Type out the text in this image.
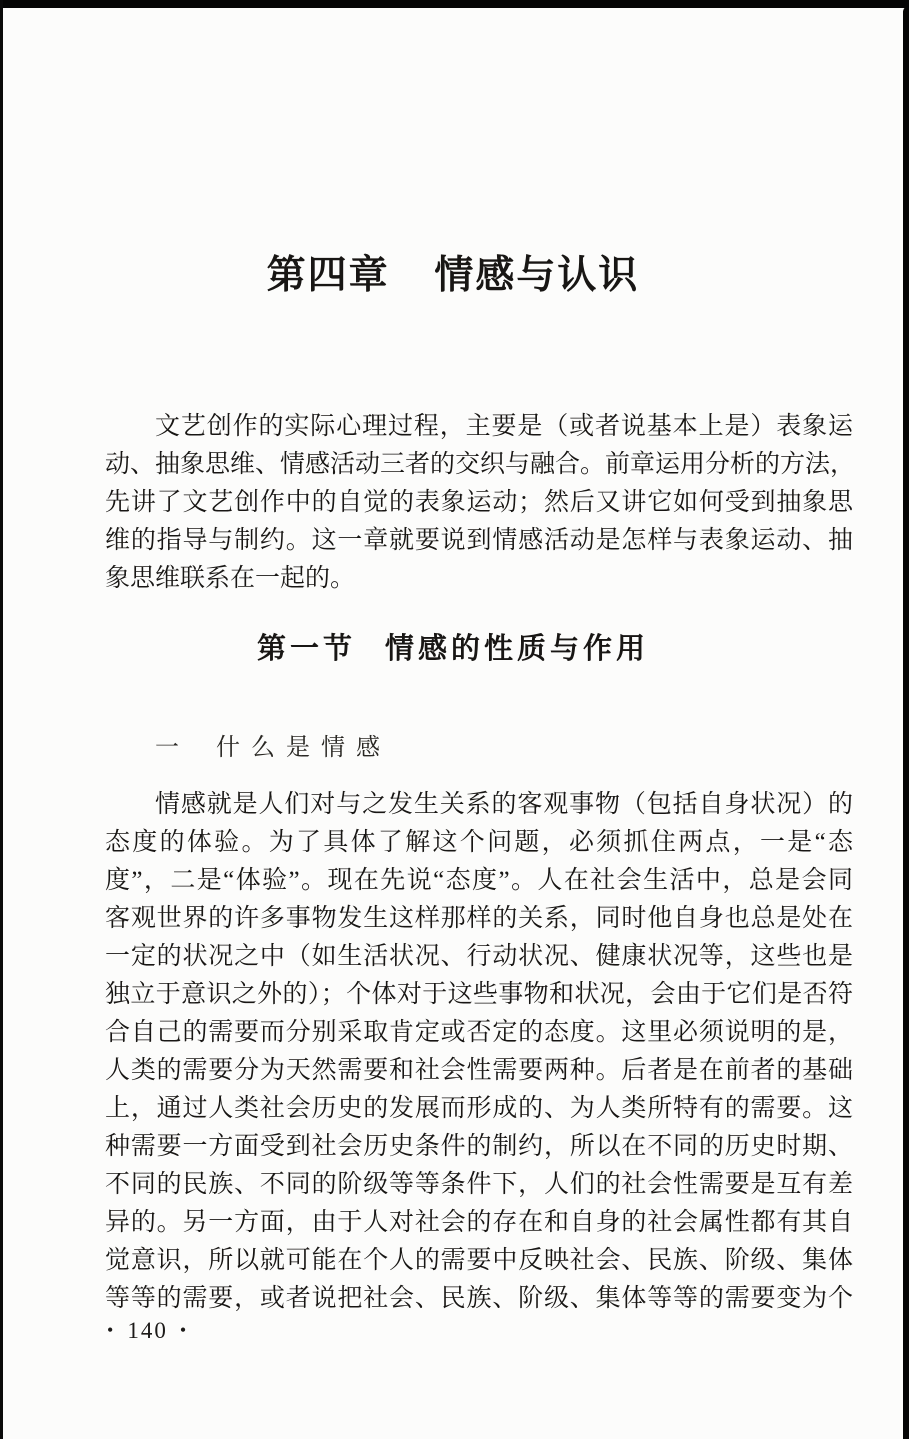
第四章 情感与认识
文艺创作的实际心理过程，主要是（或者说基本上是）表象运
动、抽象思维、情感活动三者的交织与融合。前章运用分析的方法，
先讲了文艺创作中的自觉的表象运动；然后又讲它如何受到抽象思
维的指导与制约。这一章就要说到情感活动是怎样与表象运动、抽
象思维联系在一起的。
第一节 情感的性质与作用
一 什么是情感
情感就是人们对与之发生关系的客观事物（包括自身状况）的
态度的体验。为了具体了解这个问题，必须抓住两点，一是“态
度”，二是“体验”。现在先说“态度”。人在社会生活中，总是会同
客观世界的许多事物发生这样那样的关系，同时他自身也总是处在
一定的状况之中（如生活状况、行动状况、健康状况等，这些也是
独立于意识之外的）；个体对于这些事物和状况，会由于它们是否符
合自己的需要而分别采取肯定或否定的态度。这里必须说明的是，
人类的需要分为天然需要和社会性需要两种。后者是在前者的基础
上，通过人类社会历史的发展而形成的、为人类所特有的需要。这
种需要一方面受到社会历史条件的制约，所以在不同的历史时期、
不同的民族、不同的阶级等等条件下，人们的社会性需要是互有差
异的。另一方面，由于人对社会的存在和自身的社会属性都有其自
觉意识，所以就可能在个人的需要中反映社会、民族、阶级、集体
等等的需要，或者说把社会、民族、阶级、集体等等的需要变为个
• 140 •
